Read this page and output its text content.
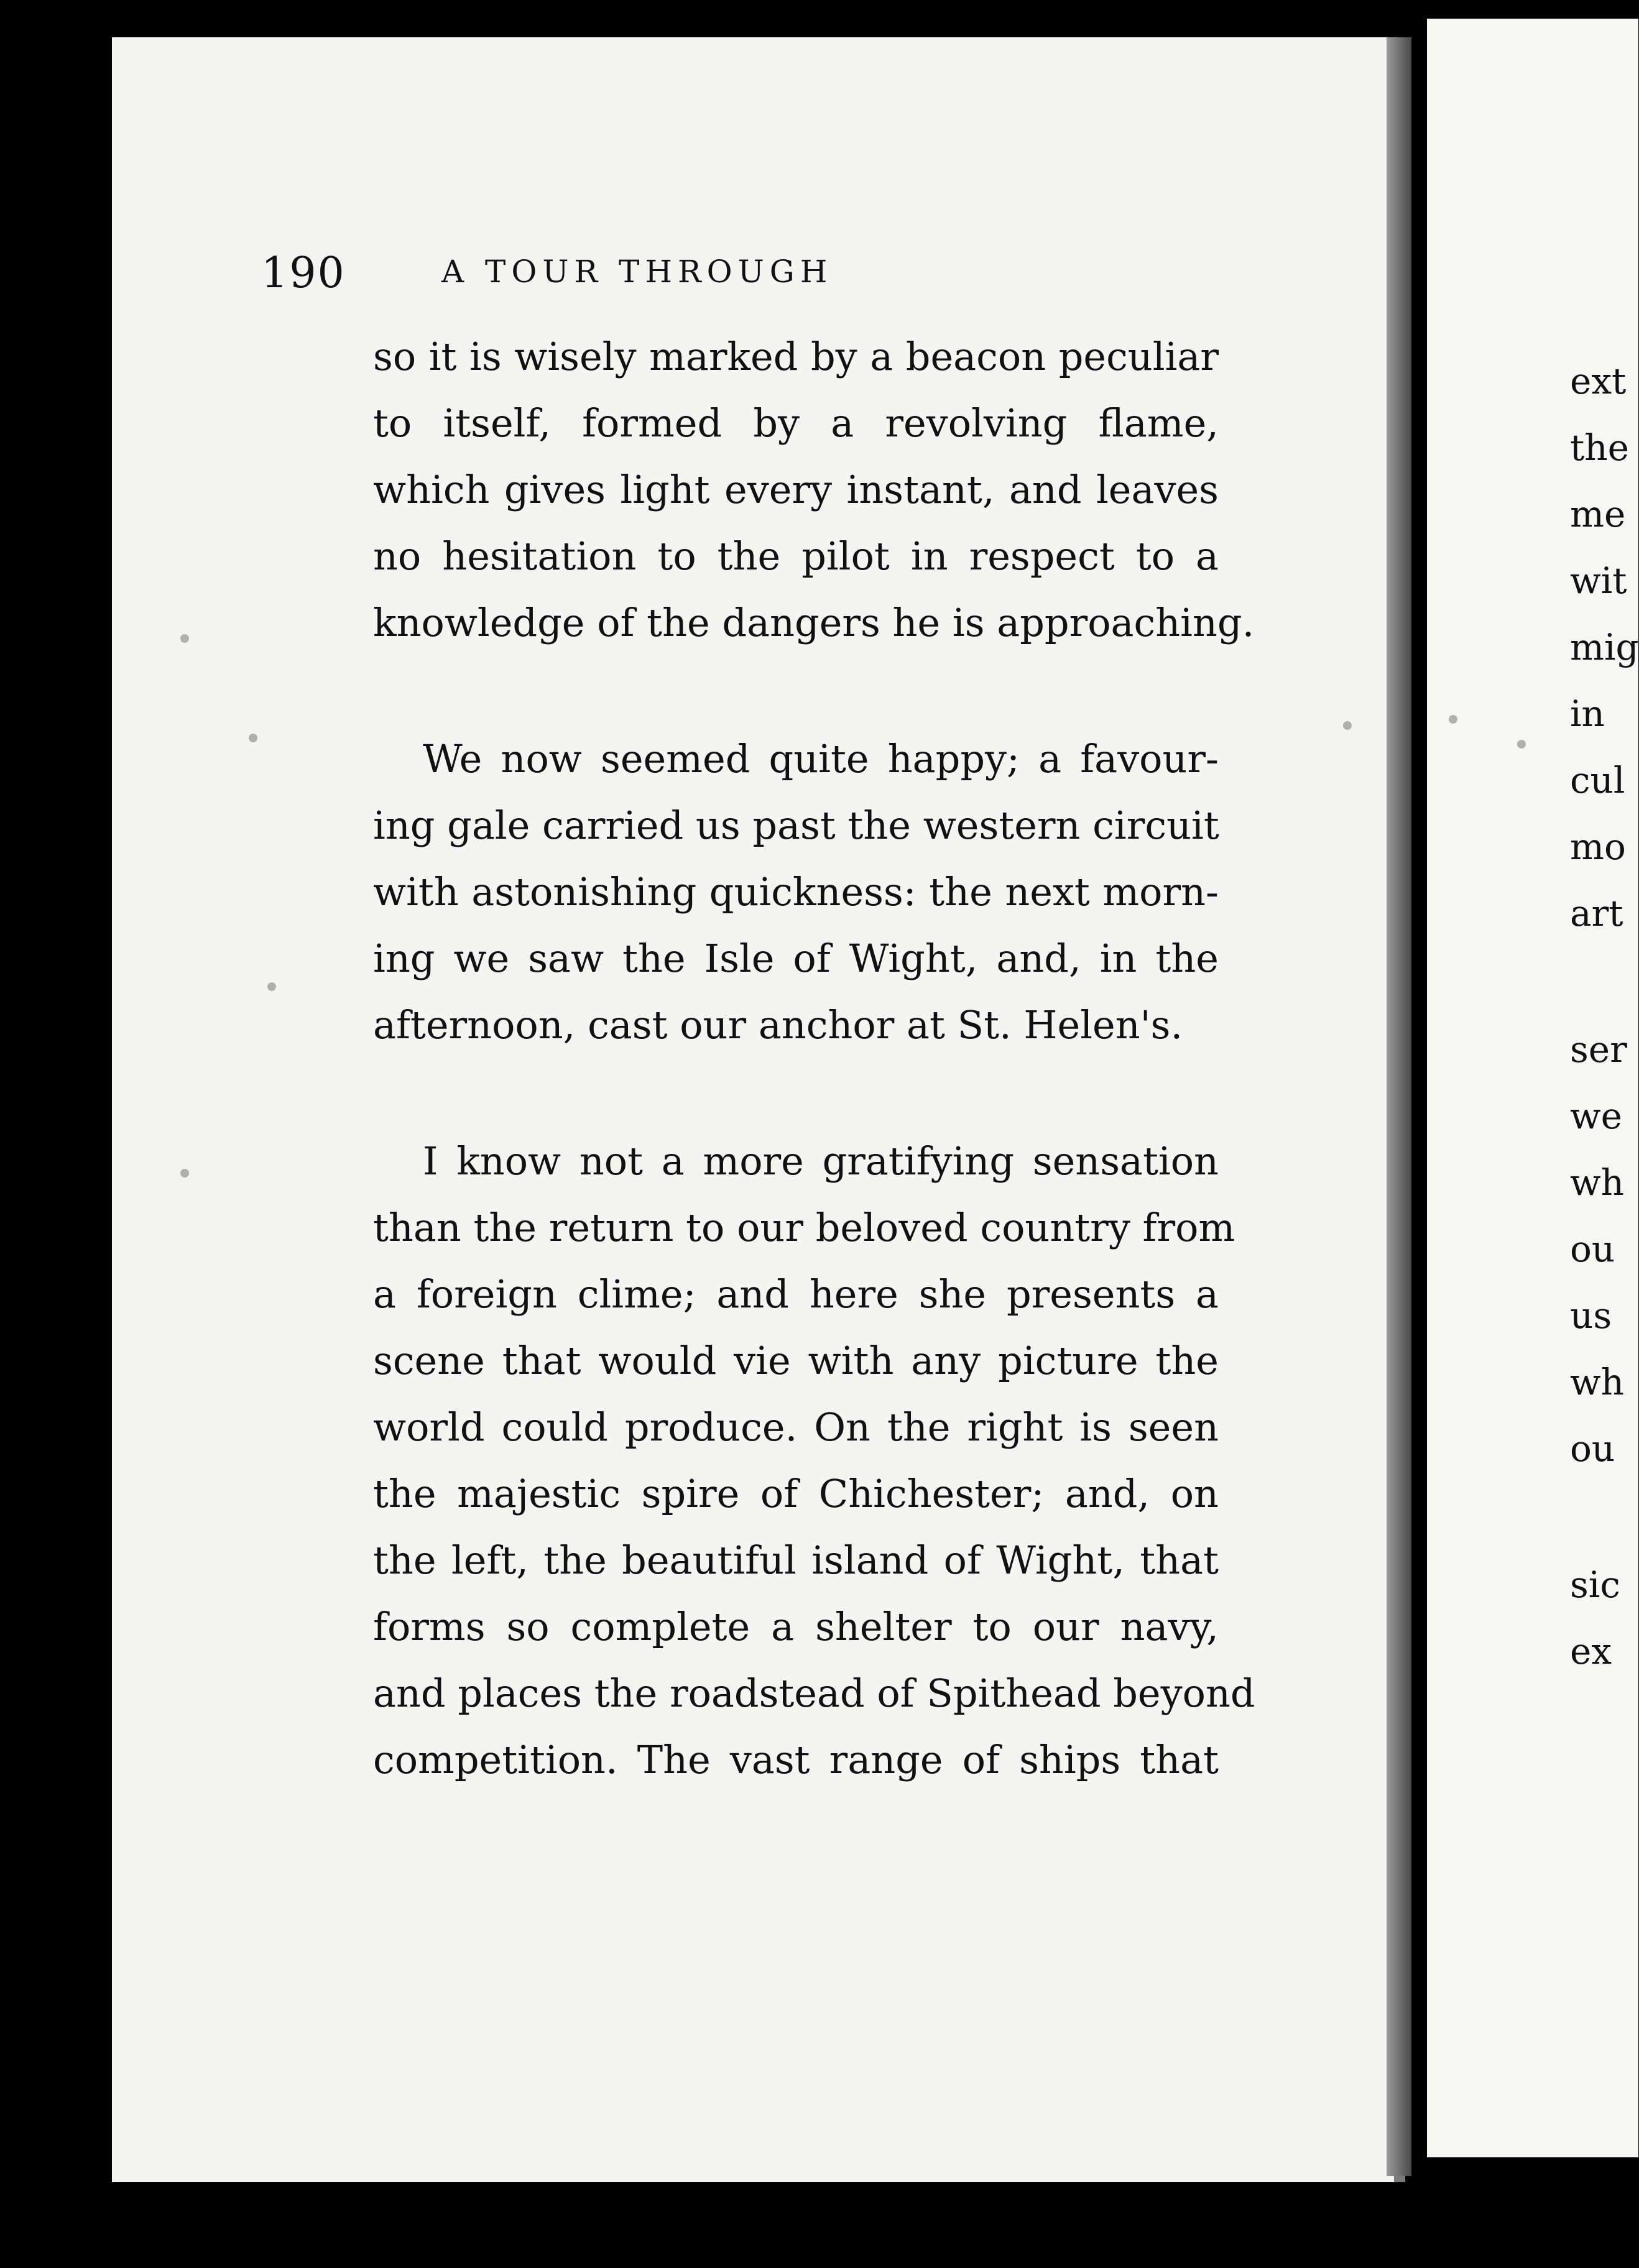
190	A TOUR THROUGH
so it is wisely marked by a beacon peculiar
to itself, formed by a revolving flame,
which gives light every instant, and leaves
no hesitation to the pilot in respect to a
knowledge of the dangers he is approaching.
We now seemed quite happy; a favour-
ing gale carried us past the western circuit
with astonishing quickness: the next morn-
ing we saw the Isle of Wight, and, in the
afternoon, cast our anchor at St. Helen's.
I know not a more gratifying sensation
than the return to our beloved country from
a foreign clime; and here she presents a
scene that would vie with any picture the
world could produce. On the right is seen
the majestic spire of Chichester; and, on
the left, the beautiful island of Wight, that
forms so complete a shelter to our navy,
and places the roadstead of Spithead beyond
competition. The vast range of ships that
ext
the
me
wit
mig
in
cul
mo
art
ser
we
wh
ou
us
wh
ou
sic
ex
